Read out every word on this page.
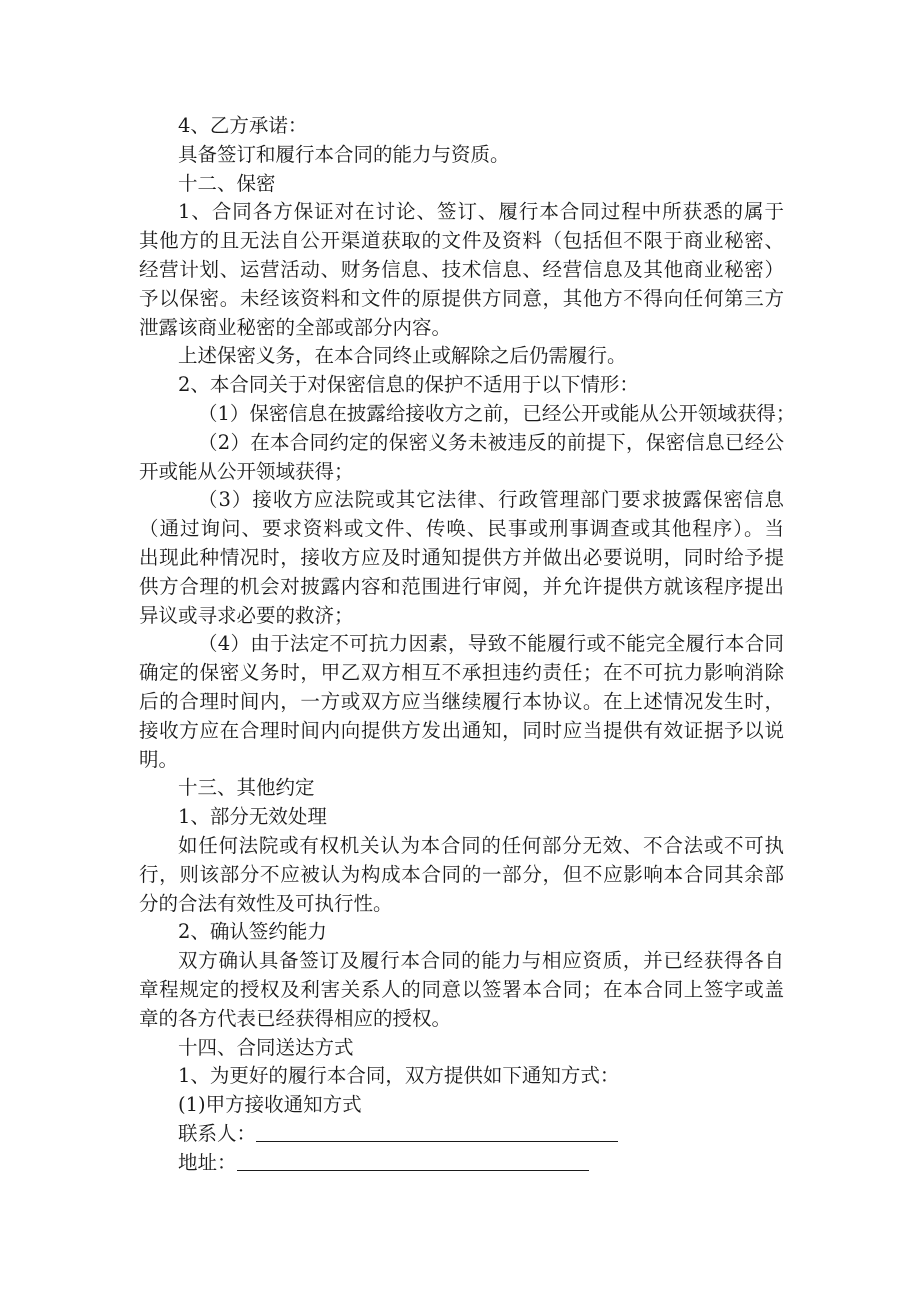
4、乙方承诺：
具备签订和履行本合同的能力与资质。
十二、保密
1、合同各方保证对在讨论、签订、履行本合同过程中所获悉的属于
其他方的且无法自公开渠道获取的文件及资料（包括但不限于商业秘密、
经营计划、运营活动、财务信息、技术信息、经营信息及其他商业秘密）
予以保密。未经该资料和文件的原提供方同意，其他方不得向任何第三方
泄露该商业秘密的全部或部分内容。
上述保密义务，在本合同终止或解除之后仍需履行。
2、本合同关于对保密信息的保护不适用于以下情形：
（1）保密信息在披露给接收方之前，已经公开或能从公开领域获得；
（2）在本合同约定的保密义务未被违反的前提下，保密信息已经公
开或能从公开领域获得；
（3）接收方应法院或其它法律、行政管理部门要求披露保密信息
（通过询问、要求资料或文件、传唤、民事或刑事调查或其他程序）。当
出现此种情况时，接收方应及时通知提供方并做出必要说明，同时给予提
供方合理的机会对披露内容和范围进行审阅，并允许提供方就该程序提出
异议或寻求必要的救济；
（4）由于法定不可抗力因素，导致不能履行或不能完全履行本合同
确定的保密义务时，甲乙双方相互不承担违约责任；在不可抗力影响消除
后的合理时间内，一方或双方应当继续履行本协议。在上述情况发生时，
接收方应在合理时间内向提供方发出通知，同时应当提供有效证据予以说
明。
十三、其他约定
1、部分无效处理
如任何法院或有权机关认为本合同的任何部分无效、不合法或不可执
行，则该部分不应被认为构成本合同的一部分，但不应影响本合同其余部
分的合法有效性及可执行性。
2、确认签约能力
双方确认具备签订及履行本合同的能力与相应资质，并已经获得各自
章程规定的授权及利害关系人的同意以签署本合同；在本合同上签字或盖
章的各方代表已经获得相应的授权。
十四、合同送达方式
1、为更好的履行本合同，双方提供如下通知方式：
(1)甲方接收通知方式
联系人：
地址：
